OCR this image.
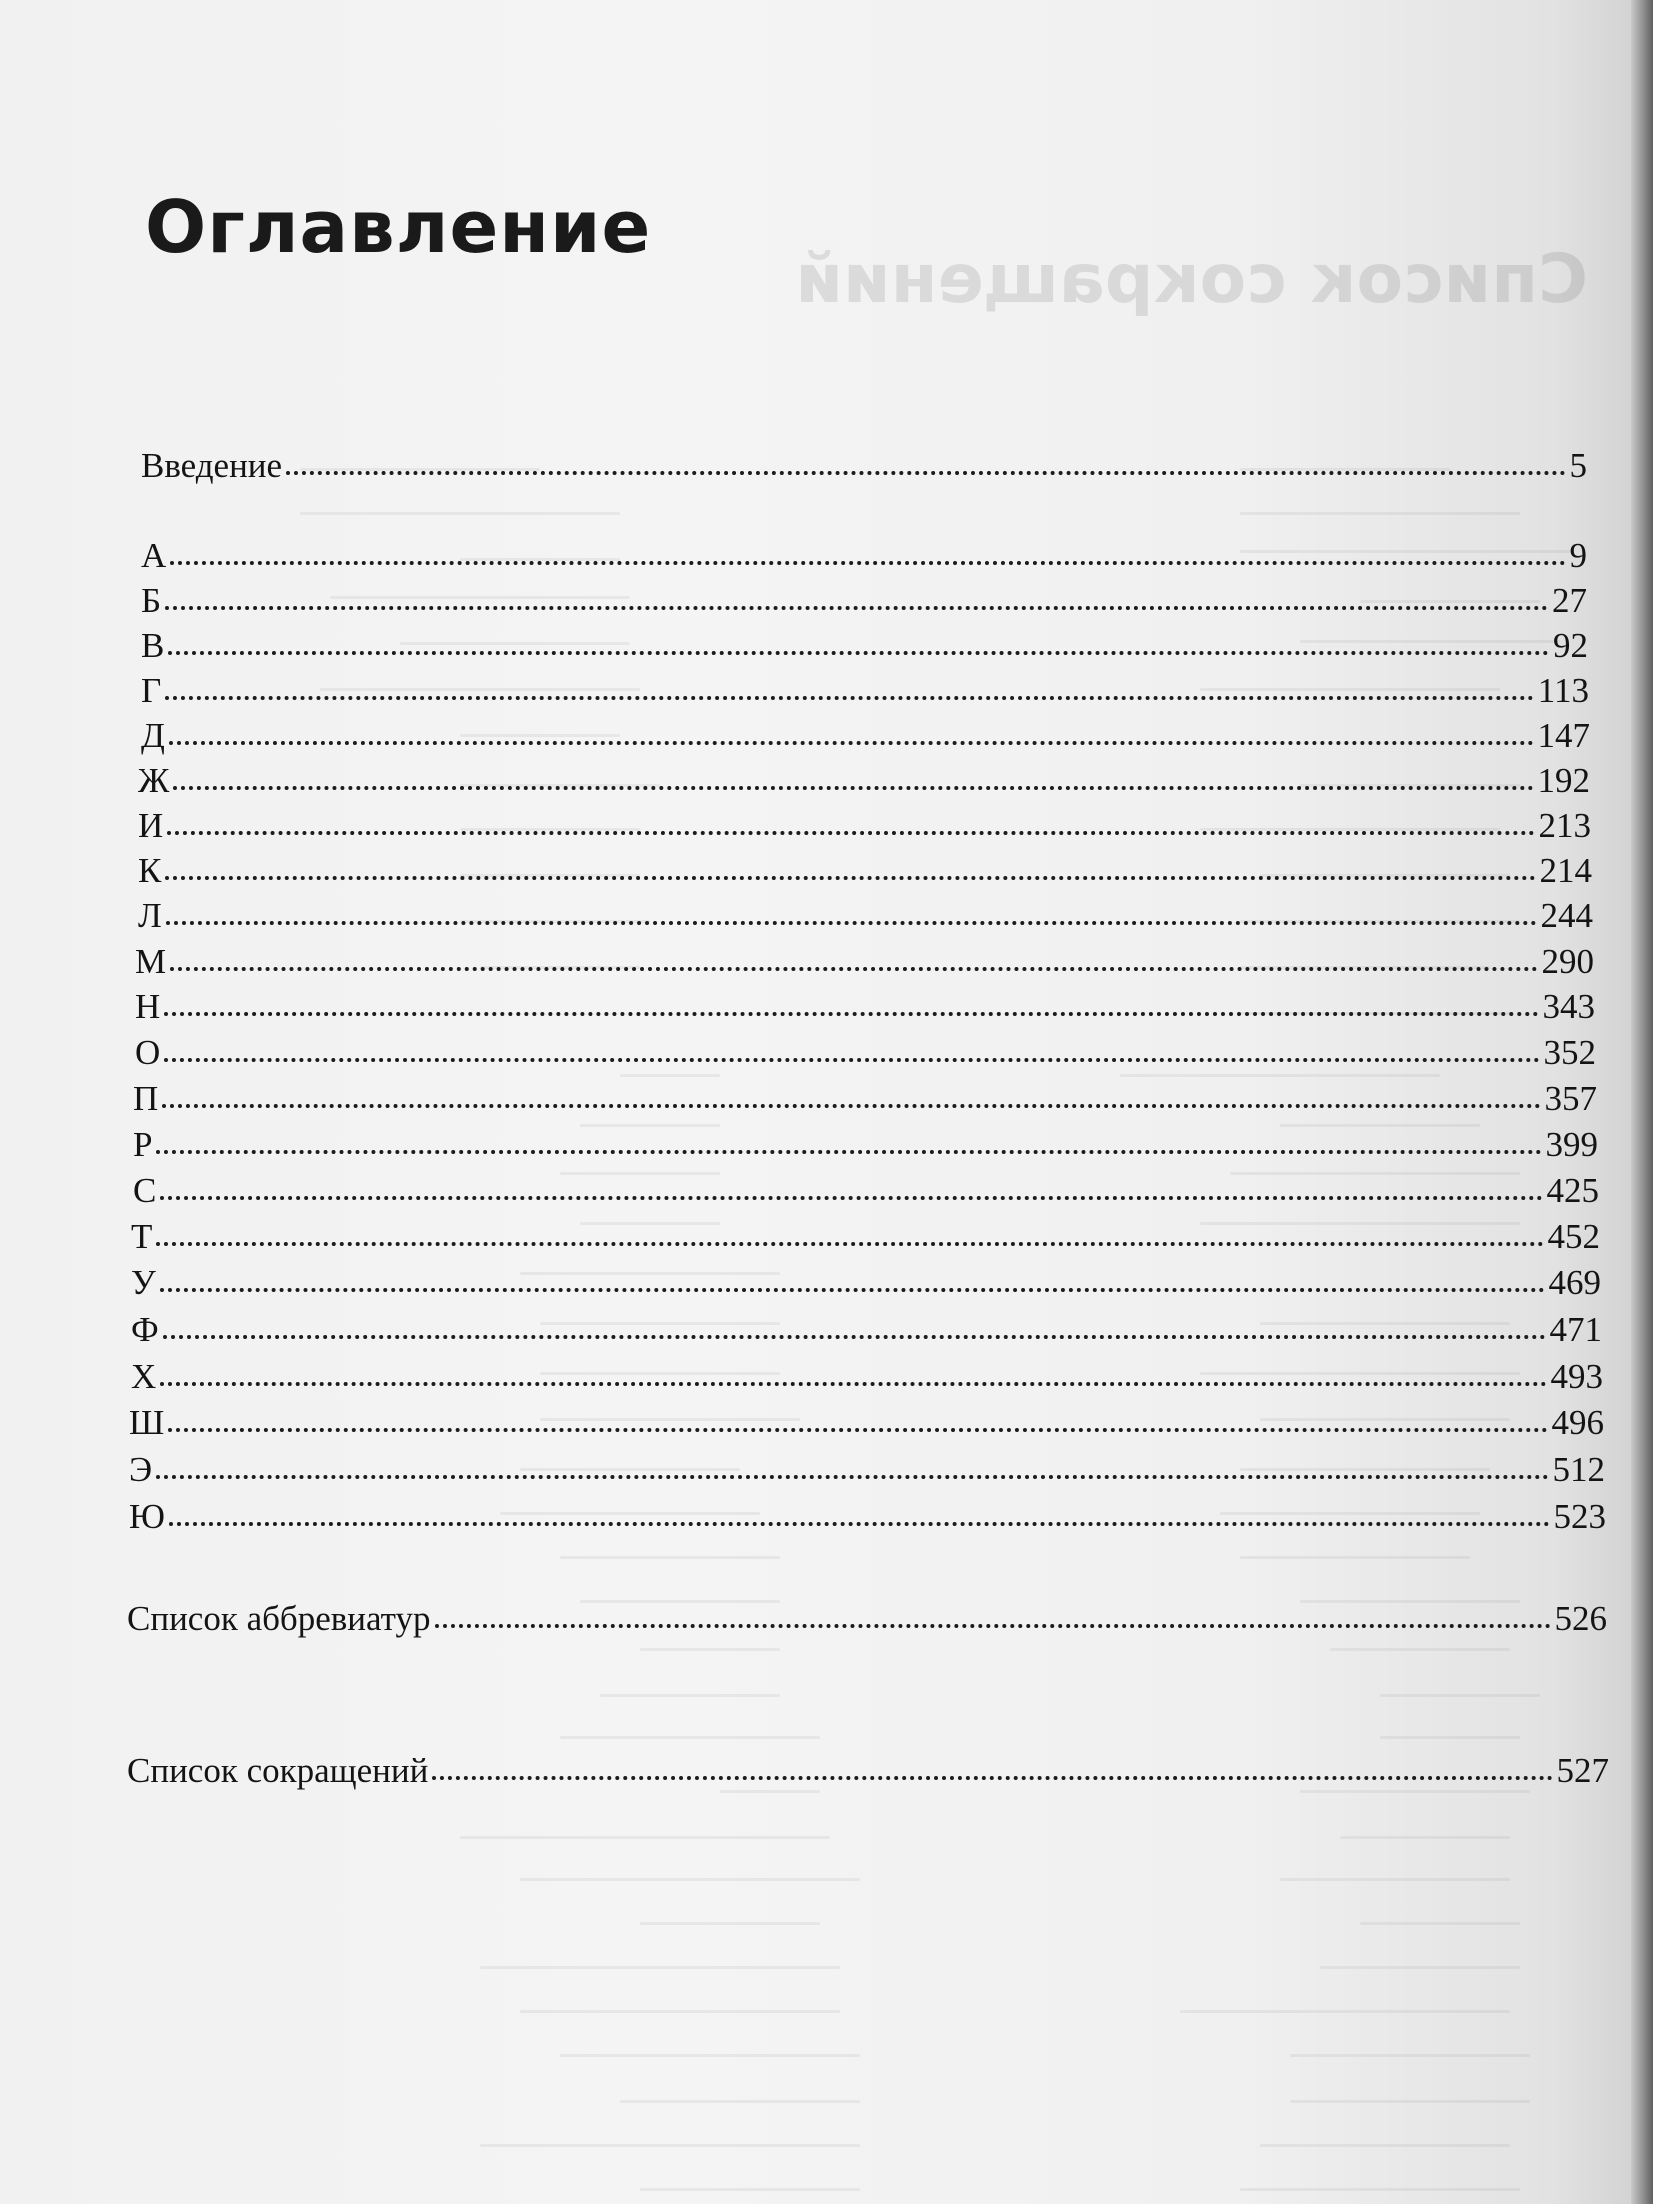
Список сокращений
Оглавление
Введение	5
А	9
Б	27
В	92
Г	113
Д	147
Ж	192
И	213
К	214
Л	244
М	290
Н	343
О	352
П	357
Р	399
С	425
Т	452
У	469
Ф	471
Х	493
Ш	496
Э	512
Ю	523
Список аббревиатур	526
Список сокращений	527
